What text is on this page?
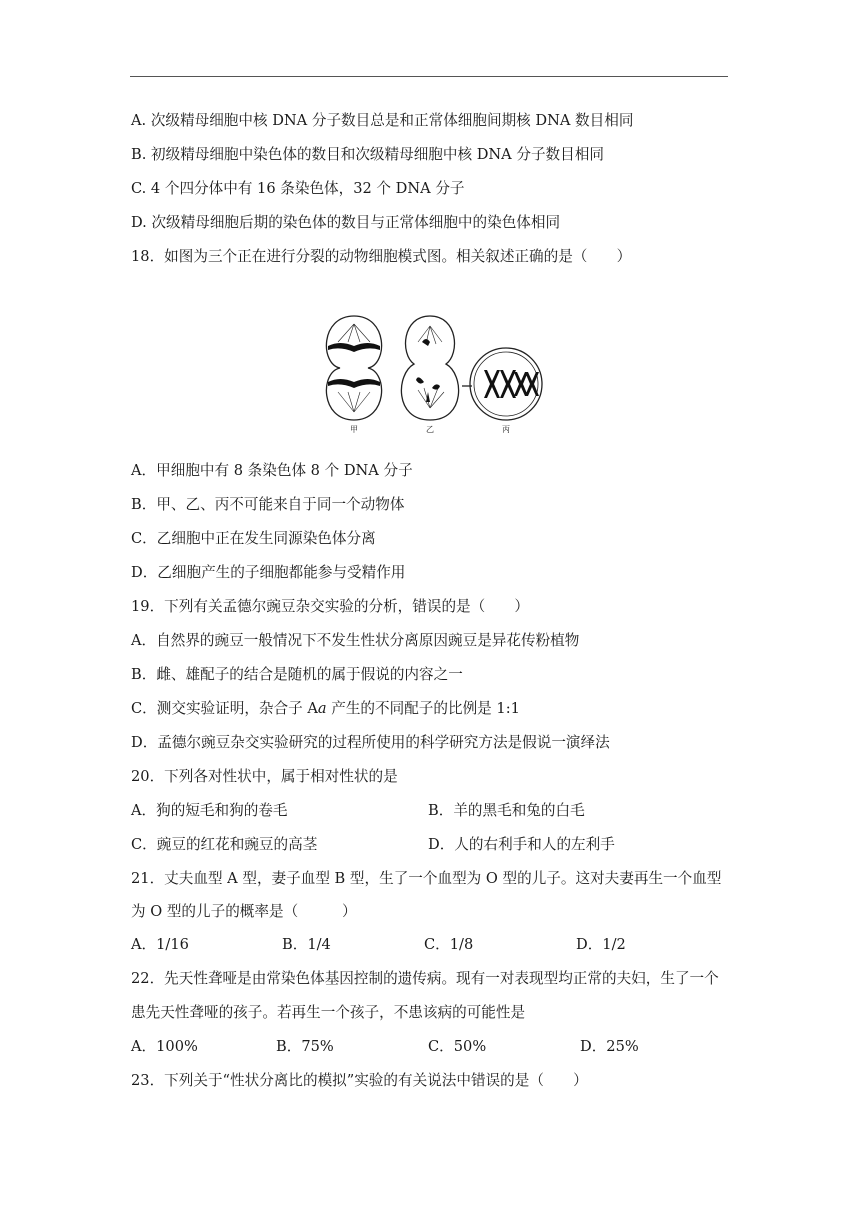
A. 次级精母细胞中核 DNA 分子数目总是和正常体细胞间期核 DNA 数目相同
B. 初级精母细胞中染色体的数目和次级精母细胞中核 DNA 分子数目相同
C. 4 个四分体中有 16 条染色体，32 个 DNA 分子
D. 次级精母细胞后期的染色体的数目与正常体细胞中的染色体相同
18．如图为三个正在进行分裂的动物细胞模式图。相关叙述正确的是（　　）
甲	乙	丙
A．甲细胞中有 8 条染色体 8 个 DNA 分子
B．甲、乙、丙不可能来自于同一个动物体
C．乙细胞中正在发生同源染色体分离
D．乙细胞产生的子细胞都能参与受精作用
19．下列有关孟德尔豌豆杂交实验的分析，错误的是（　　）
A．自然界的豌豆一般情况下不发生性状分离原因豌豆是异花传粉植物
B．雌、雄配子的结合是随机的属于假说的内容之一
C．测交实验证明，杂合子 Aa 产生的不同配子的比例是 1:1
D．孟德尔豌豆杂交实验研究的过程所使用的科学研究方法是假说一演绎法
20．下列各对性状中，属于相对性状的是
A．狗的短毛和狗的卷毛	B．羊的黑毛和兔的白毛
C．豌豆的红花和豌豆的高茎	D．人的右利手和人的左利手
21．丈夫血型 A 型，妻子血型 B 型，生了一个血型为 O 型的儿子。这对夫妻再生一个血型
为 O 型的儿子的概率是（　　　）
A．1/16	B．1/4	C．1/8	D．1/2
22．先天性聋哑是由常染色体基因控制的遗传病。现有一对表现型均正常的夫妇，生了一个
患先天性聋哑的孩子。若再生一个孩子，不患该病的可能性是
A．100%	B．75%	C．50%	D．25%
23．下列关于“性状分离比的模拟”实验的有关说法中错误的是（　　）
